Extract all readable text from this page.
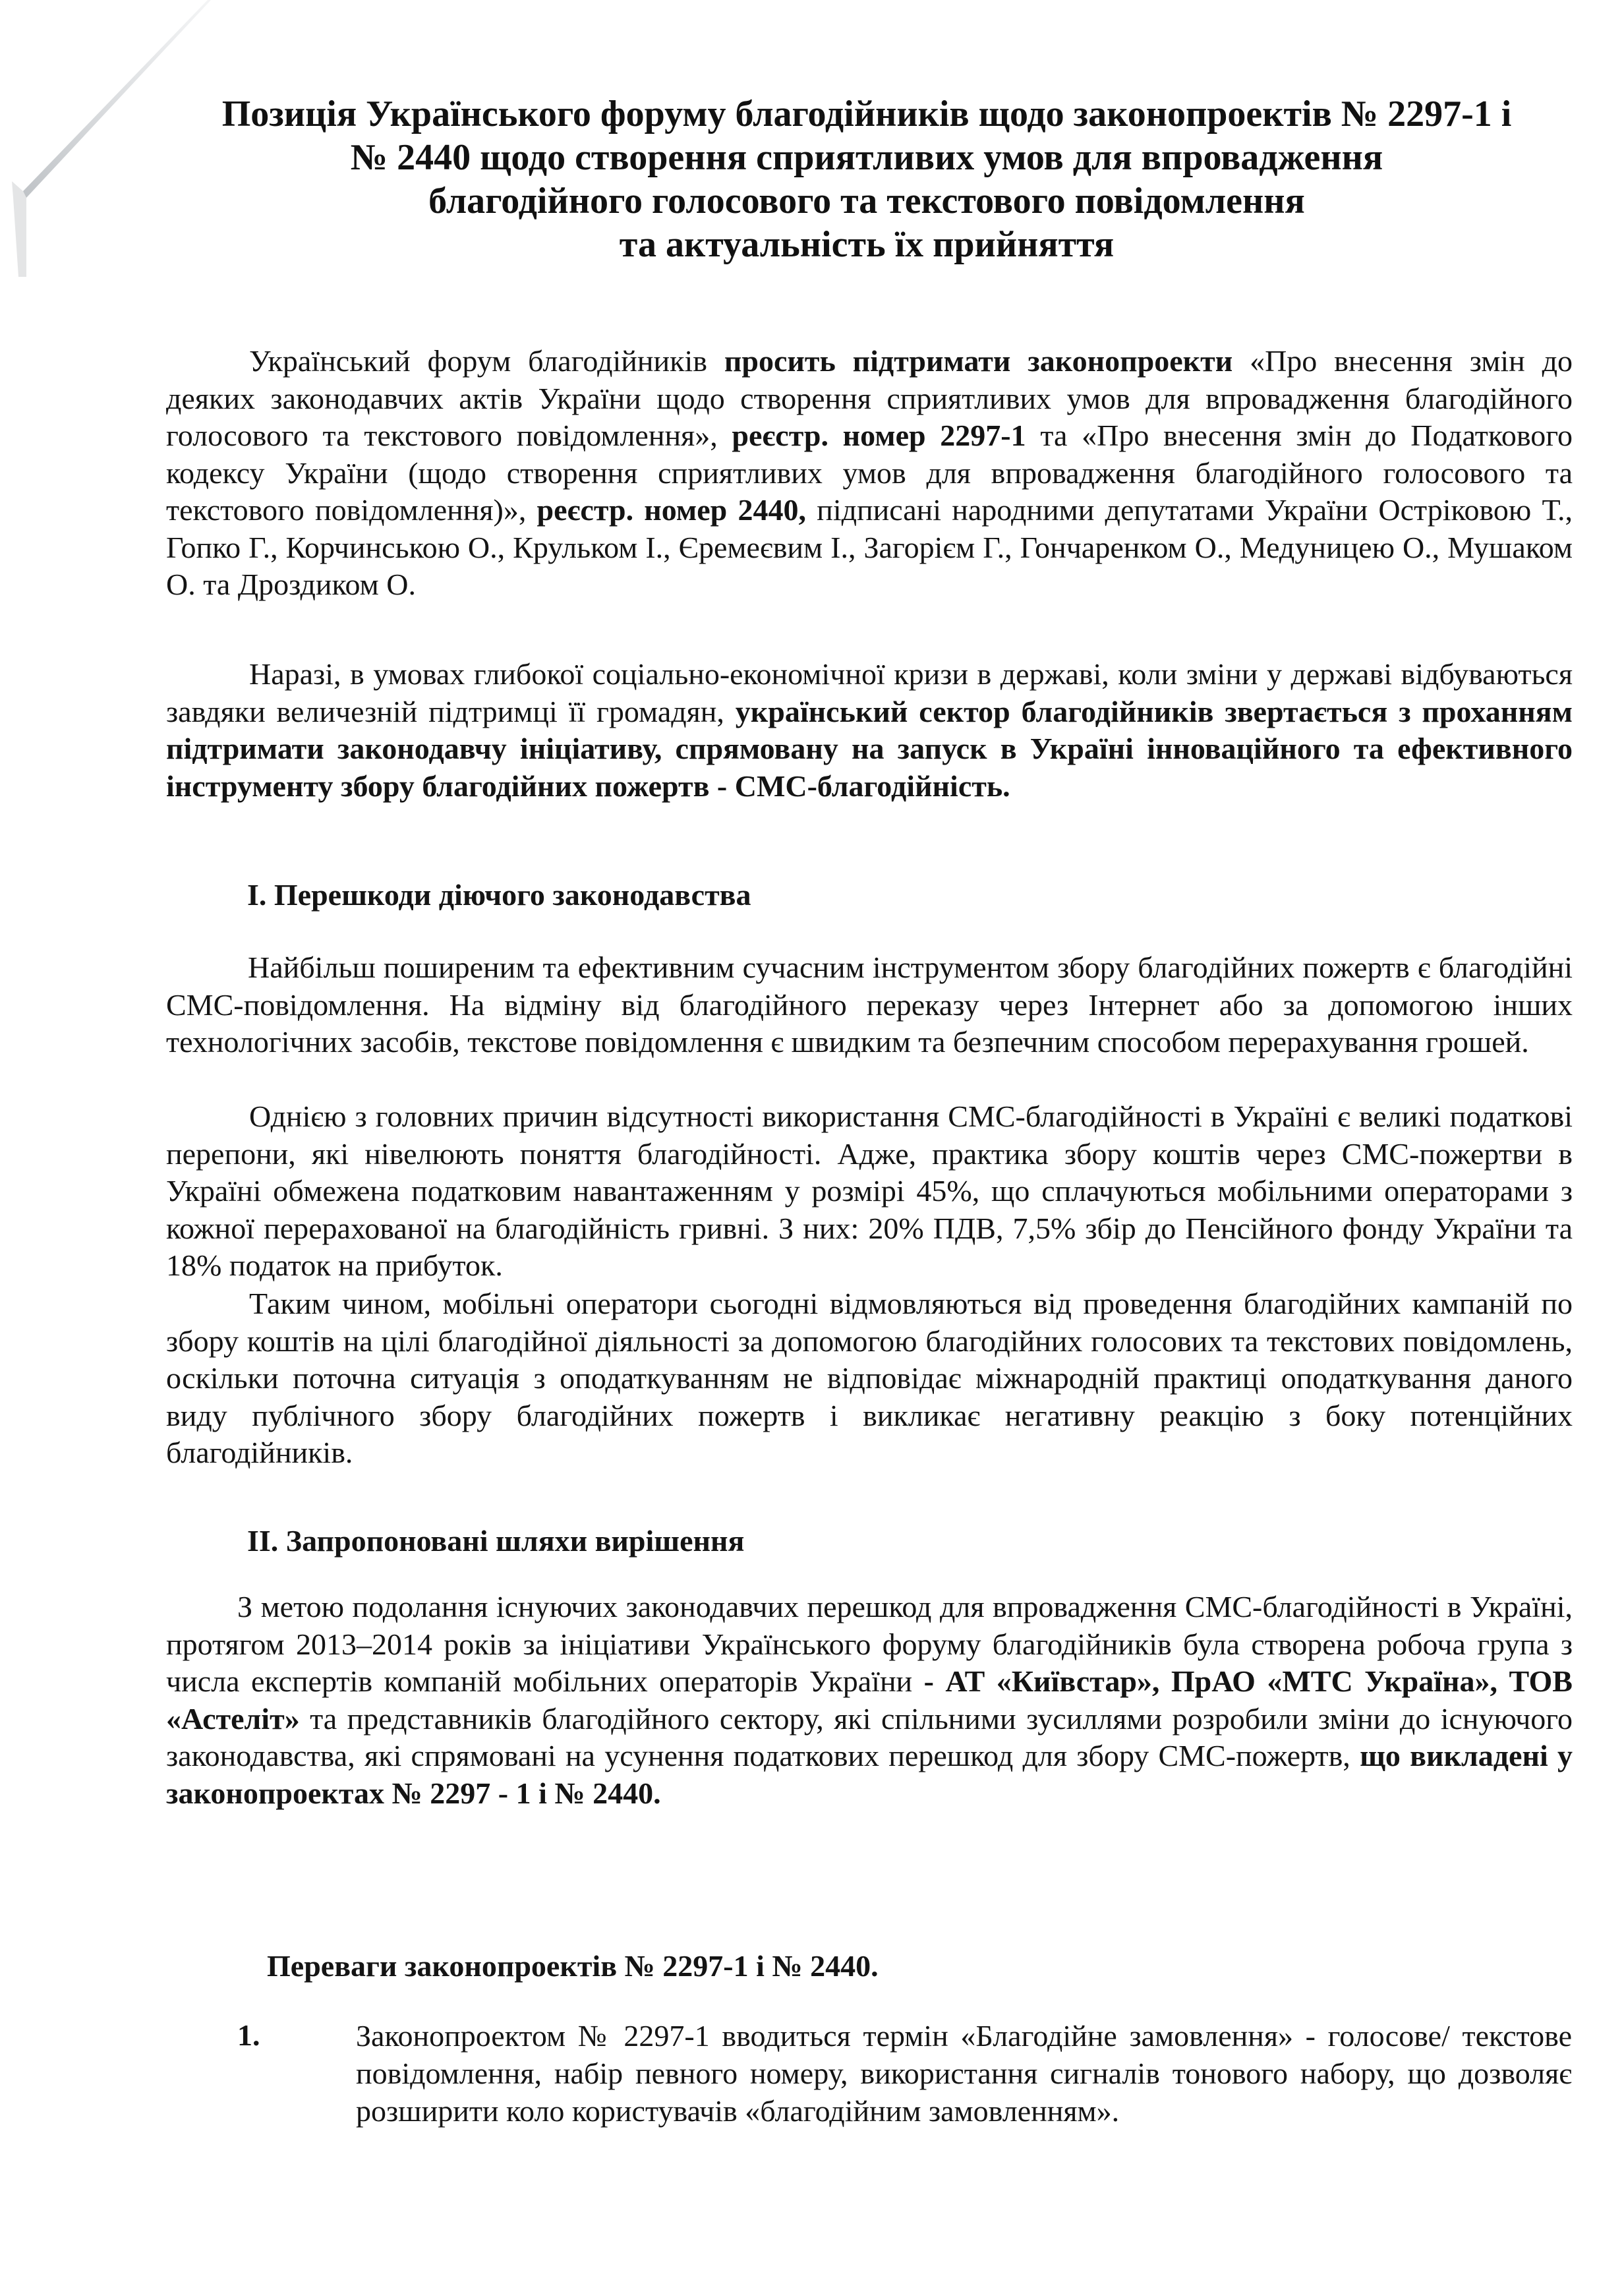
Позиція Українського форуму благодійників щодо законопроектів № 2297-1 і
№ 2440 щодо створення сприятливих умов для впровадження
благодійного голосового та текстового повідомлення
та актуальність їх прийняття
Український форум благодійників просить підтримати законопроекти «Про внесення змін до деяких законодавчих актів України щодо створення сприятливих умов для впровадження благодійного голосового та текстового повідомлення», реєстр. номер 2297-1 та «Про внесення змін до Податкового кодексу України (щодо створення сприятливих умов для впровадження благодійного голосового та текстового повідомлення)», реєстр. номер 2440, підписані народними депутатами України Остріковою Т., Гопко Г., Корчинською О., Крульком І., Єремеєвим І., Загорієм Г., Гончаренком О., Медуницею О., Мушаком О. та Дроздиком О.
Наразі, в умовах глибокої соціально-економічної кризи в державі, коли зміни у державі відбуваються завдяки величезній підтримці її громадян, український сектор благодійників звертається з проханням підтримати законодавчу ініціативу, спрямовану на запуск в Україні інноваційного та ефективного інструменту збору благодійних пожертв - СМС-благодійність.
І. Перешкоди діючого законодавства
Найбільш поширеним та ефективним сучасним інструментом збору благодійних пожертв є благодійні СМС-повідомлення. На відміну від благодійного переказу через Інтернет або за допомогою інших технологічних засобів, текстове повідомлення є швидким та безпечним способом перерахування грошей.
Однією з головних причин відсутності використання СМС-благодійності в Україні є великі податкові перепони, які нівелюють поняття благодійності. Адже, практика збору коштів через СМС-пожертви в Україні обмежена податковим навантаженням у розмірі 45%, що сплачуються мобільними операторами з кожної перерахованої на благодійність гривні. З них: 20% ПДВ, 7,5% збір до Пенсійного фонду України та 18% податок на прибуток.
Таким чином, мобільні оператори сьогодні відмовляються від проведення благодійних кампаній по збору коштів на цілі благодійної діяльності за допомогою благодійних голосових та текстових повідомлень, оскільки поточна ситуація з оподаткуванням не відповідає міжнародній практиці оподаткування даного виду публічного збору благодійних пожертв і викликає негативну реакцію з боку потенційних благодійників.
ІІ. Запропоновані шляхи вирішення
З метою подолання існуючих законодавчих перешкод для впровадження СМС-благодійності в Україні, протягом 2013–2014 років за ініціативи Українського форуму благодійників була створена робоча група з числа експертів компаній мобільних операторів України - АТ «Київстар», ПрАО «МТС Україна», ТОВ «Астеліт» та представників благодійного сектору, які спільними зусиллями розробили зміни до існуючого законодавства, які спрямовані на усунення податкових перешкод для збору СМС-пожертв, що викладені у законопроектах № 2297 - 1 і № 2440.
Переваги законопроектів № 2297-1 і № 2440.
1.	Законопроектом № 2297-1 вводиться термін «Благодійне замовлення» - голосове/ текстове повідомлення, набір певного номеру, використання сигналів тонового набору, що дозволяє розширити коло користувачів «благодійним замовленням».
